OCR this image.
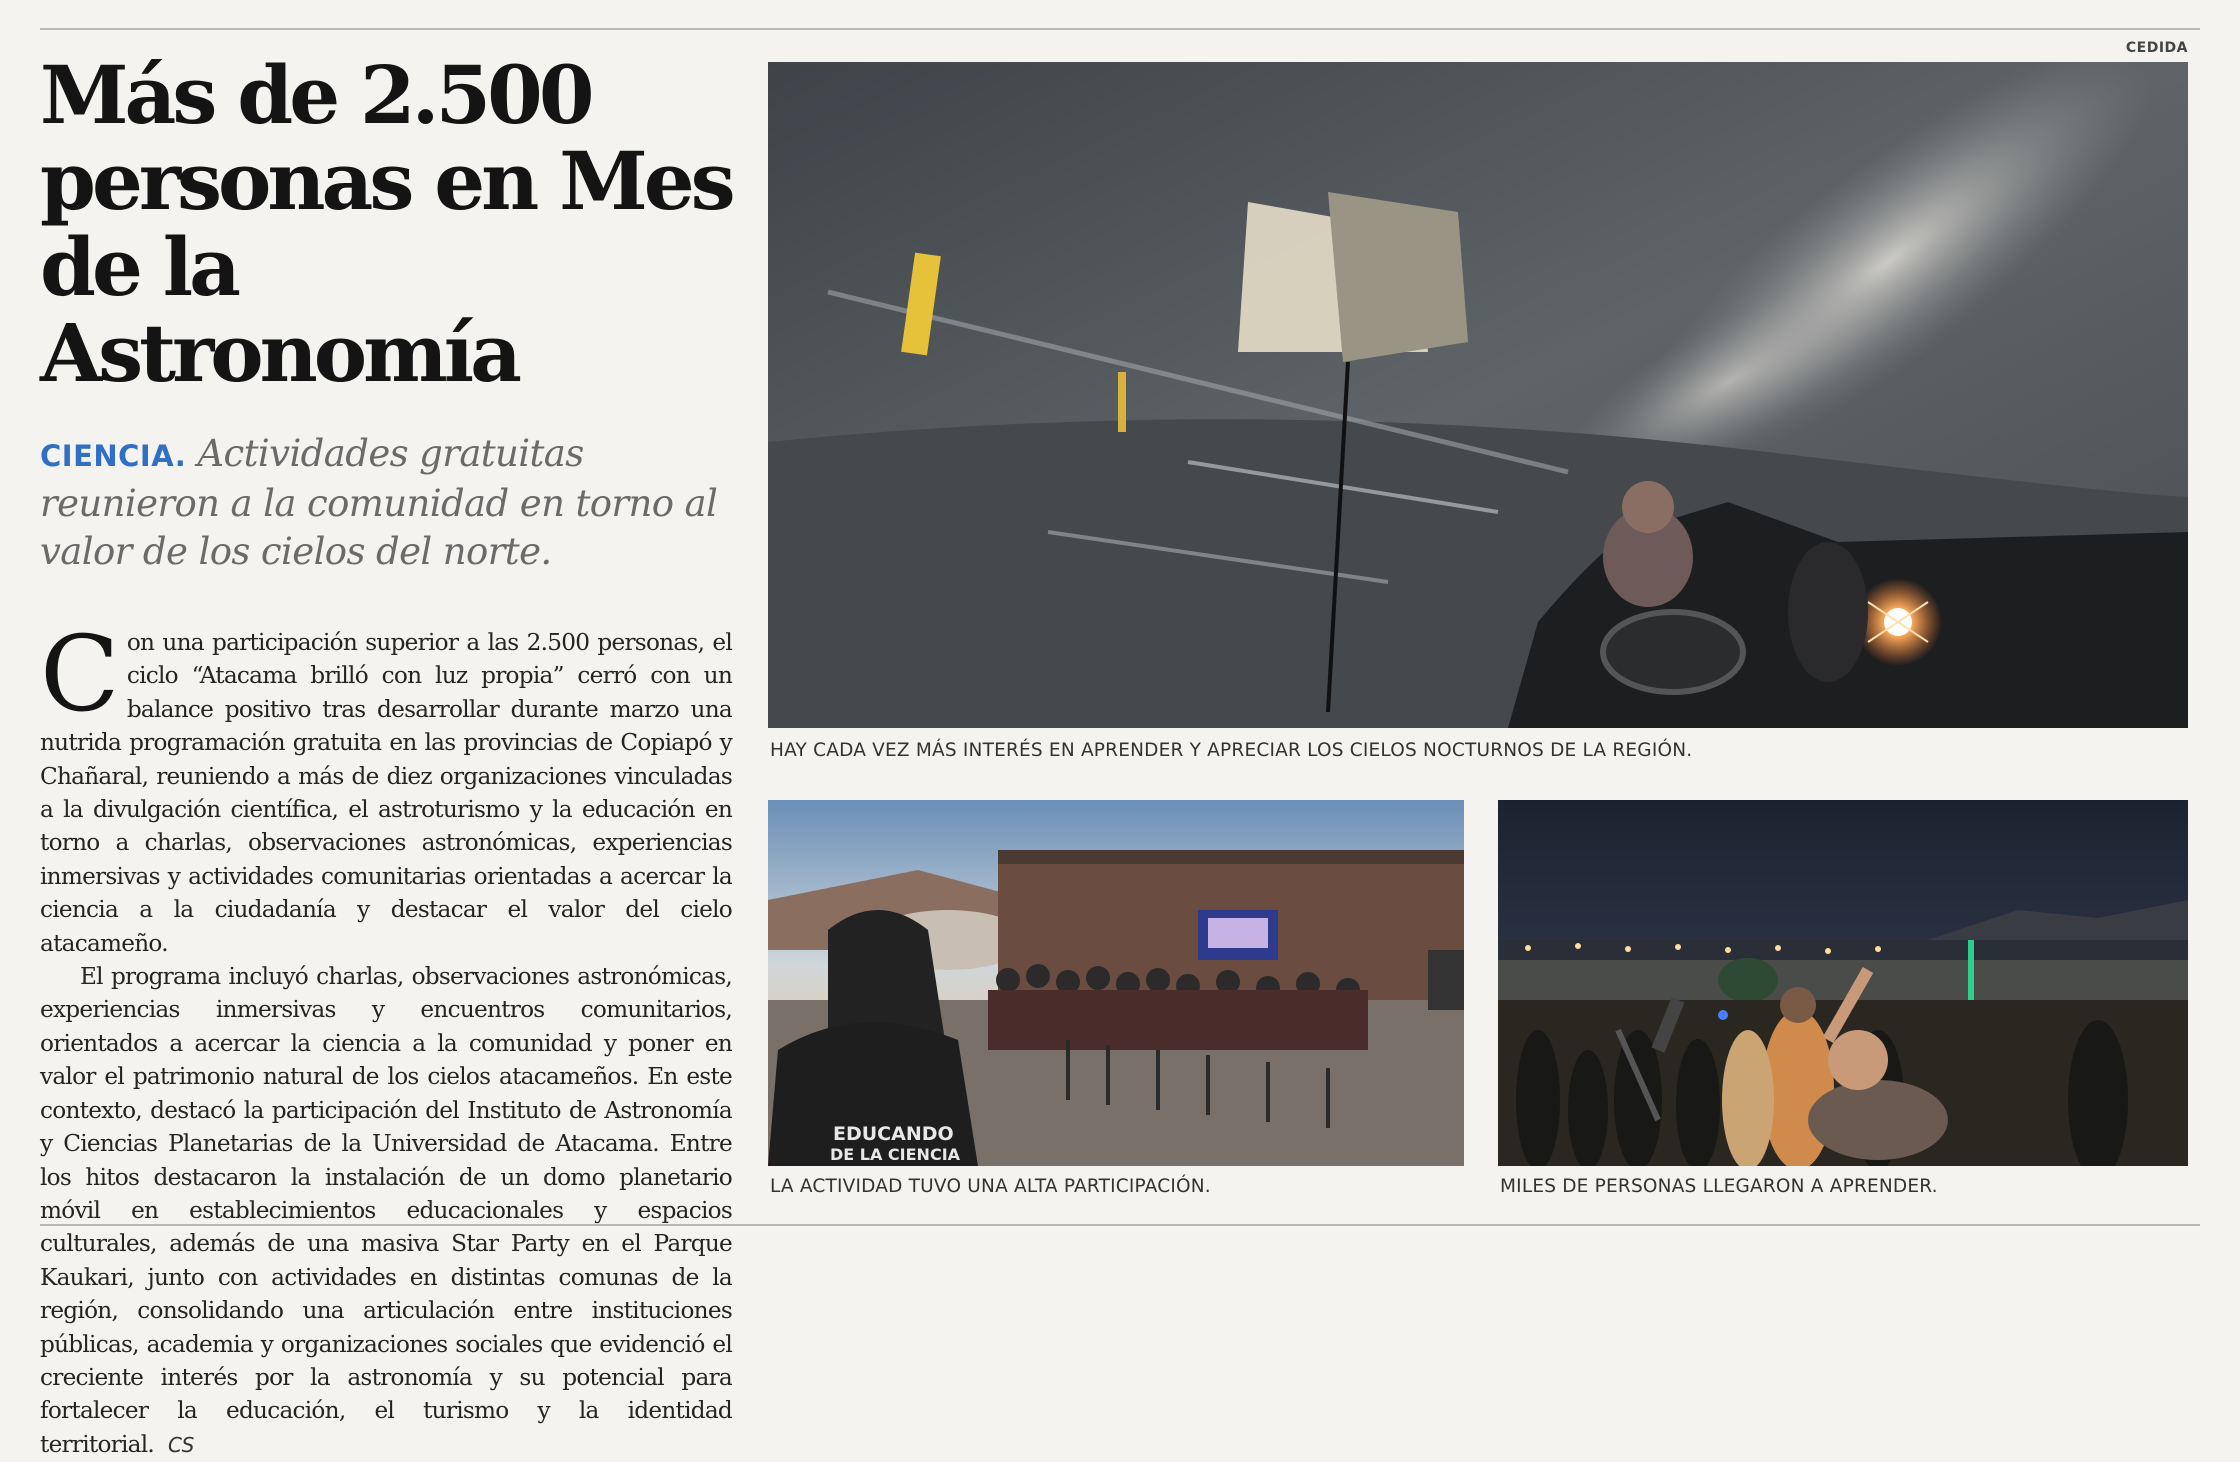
Más de 2.500 personas en Mes de la Astronomía
CIENCIA. Actividades gratuitas reunieron a la comunidad en torno al valor de los cielos del norte.

Con una participación superior a las 2.500 personas, el ciclo “Atacama brilló con luz propia” cerró con un balance positivo tras desarrollar durante marzo una nutrida programación gratuita en las provincias de Copiapó y Chañaral, reuniendo a más de diez organizaciones vinculadas a la divulgación científica, el astroturismo y la educación en torno a charlas, observaciones astronómicas, experiencias inmersivas y actividades comunitarias orientadas a acercar la ciencia a la ciudadanía y destacar el valor del cielo atacameño.

El programa incluyó charlas, observaciones astronómicas, experiencias inmersivas y encuentros comunitarios, orientados a acercar la ciencia a la comunidad y poner en valor el patrimonio natural de los cielos atacameños. En este contexto, destacó la participación del Instituto de Astronomía y Ciencias Planetarias de la Universidad de Atacama. Entre los hitos destacaron la instalación de un domo planetario móvil en establecimientos educacionales y espacios culturales, además de una masiva Star Party en el Parque Kaukari, junto con actividades en distintas comunas de la región, consolidando una articulación entre instituciones públicas, academia y organizaciones sociales que evidenció el creciente interés por la astronomía y su potencial para fortalecer la educación, el turismo y la identidad territorial. CS

CEDIDA
HAY CADA VEZ MÁS INTERÉS EN APRENDER Y APRECIAR LOS CIELOS NOCTURNOS DE LA REGIÓN.
EDUCANDO
DE LA CIENCIA
LA ACTIVIDAD TUVO UNA ALTA PARTICIPACIÓN.	MILES DE PERSONAS LLEGARON A APRENDER.
